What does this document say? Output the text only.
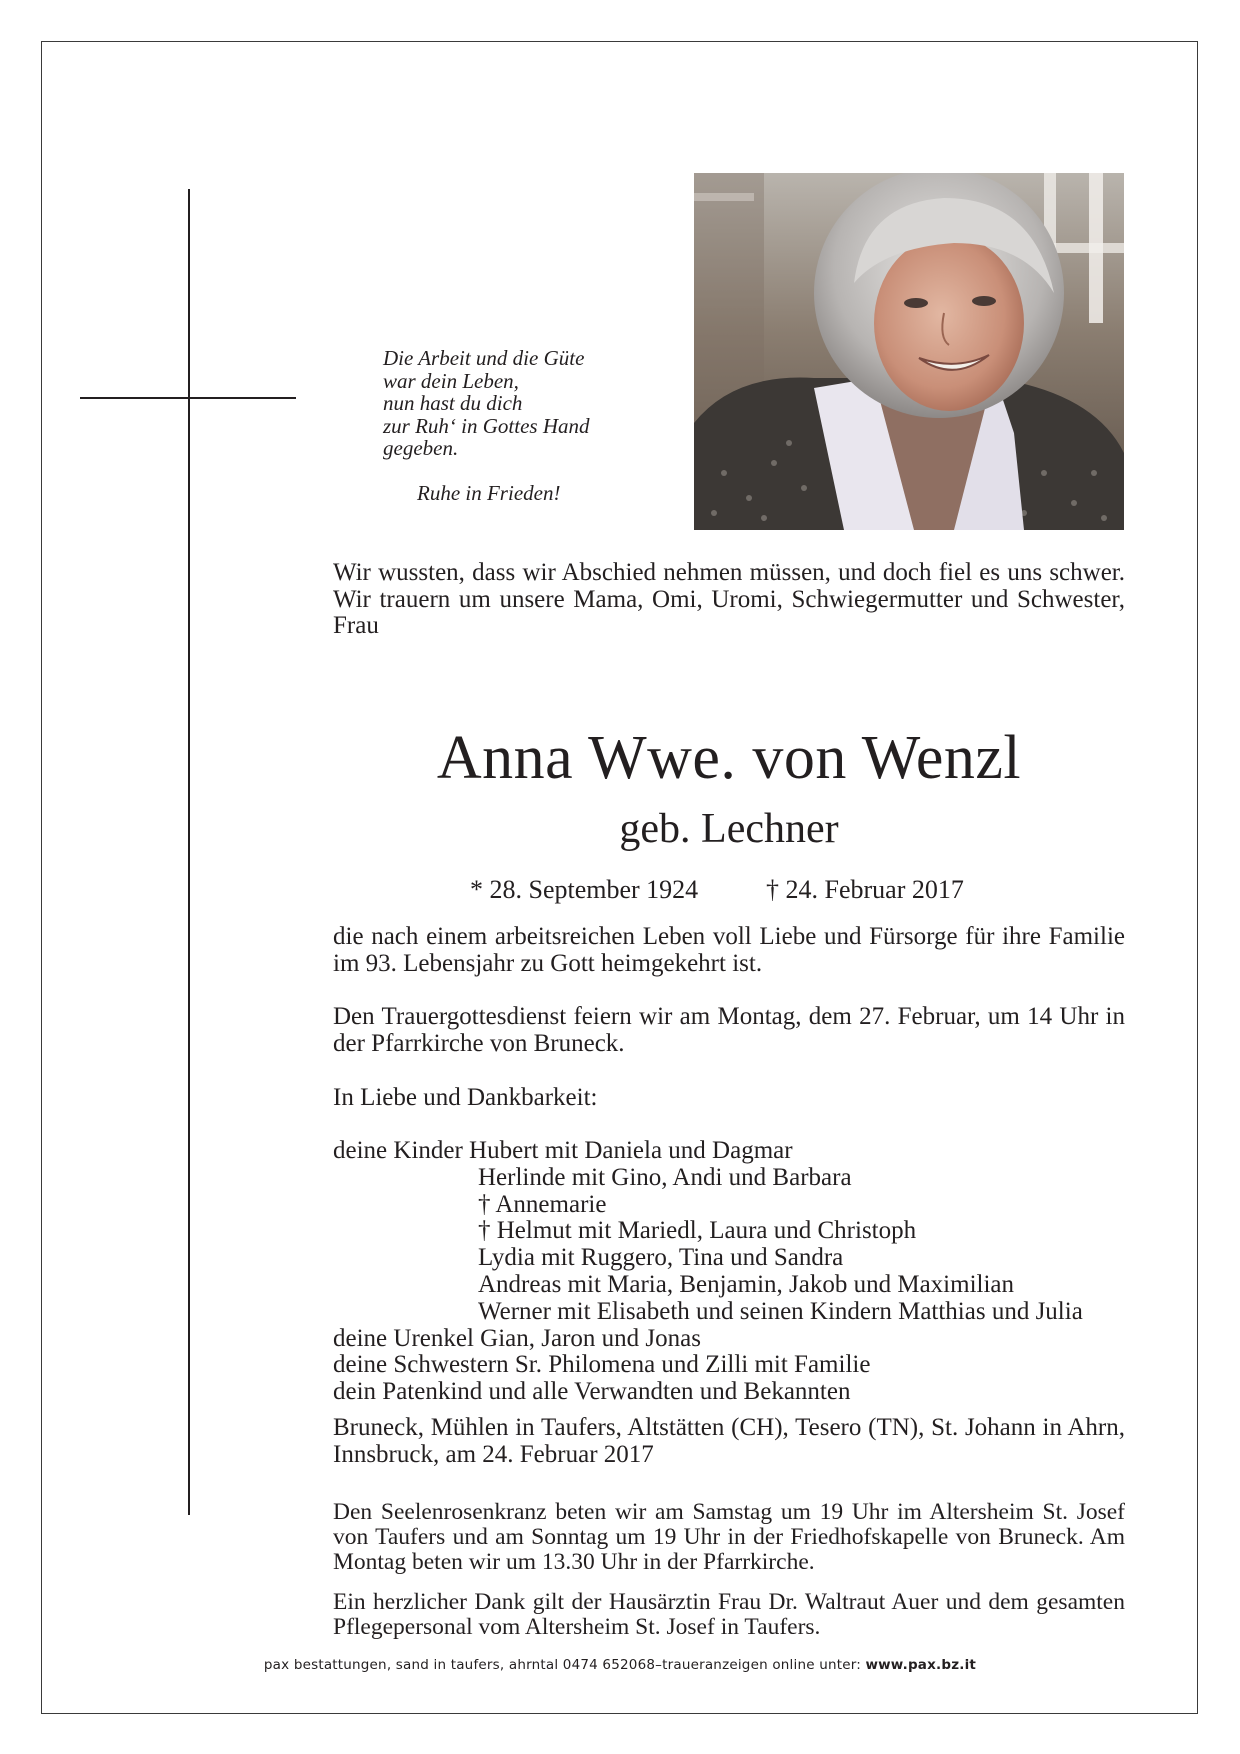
Die Arbeit und die Güte
war dein Leben,
nun hast du dich
zur Ruh‘ in Gottes Hand
gegeben.
Ruhe in Frieden!
Wir wussten, dass wir Abschied nehmen müssen, und doch fiel es uns schwer. Wir trauern um unsere Mama, Omi, Uromi, Schwiegermutter und Schwester, Frau
Anna Wwe. von Wenzl
geb. Lechner
* 28. September 1924	† 24. Februar 2017
die nach einem arbeitsreichen Leben voll Liebe und Fürsorge für ihre Familie im 93. Lebensjahr zu Gott heimgekehrt ist.
Den Trauergottesdienst feiern wir am Montag, dem 27. Februar, um 14 Uhr in der Pfarrkirche von Bruneck.
In Liebe und Dankbarkeit:
deine Kinder Hubert mit Daniela und Dagmar
Herlinde mit Gino, Andi und Barbara
† Annemarie
† Helmut mit Mariedl, Laura und Christoph
Lydia mit Ruggero, Tina und Sandra
Andreas mit Maria, Benjamin, Jakob und Maximilian
Werner mit Elisabeth und seinen Kindern Matthias und Julia
deine Urenkel Gian, Jaron und Jonas
deine Schwestern Sr. Philomena und Zilli mit Familie
dein Patenkind und alle Verwandten und Bekannten
Bruneck, Mühlen in Taufers, Altstätten (CH), Tesero (TN), St. Johann in Ahrn, Innsbruck, am 24. Februar 2017
Den Seelenrosenkranz beten wir am Samstag um 19 Uhr im Altersheim St. Josef von Taufers und am Sonntag um 19 Uhr in der Friedhofskapelle von Bruneck. Am Montag beten wir um 13.30 Uhr in der Pfarrkirche.
Ein herzlicher Dank gilt der Hausärztin Frau Dr. Waltraut Auer und dem gesamten Pflegepersonal vom Altersheim St. Josef in Taufers.
pax bestattungen, sand in taufers, ahrntal 0474 652068–traueranzeigen online unter: www.pax.bz.it
